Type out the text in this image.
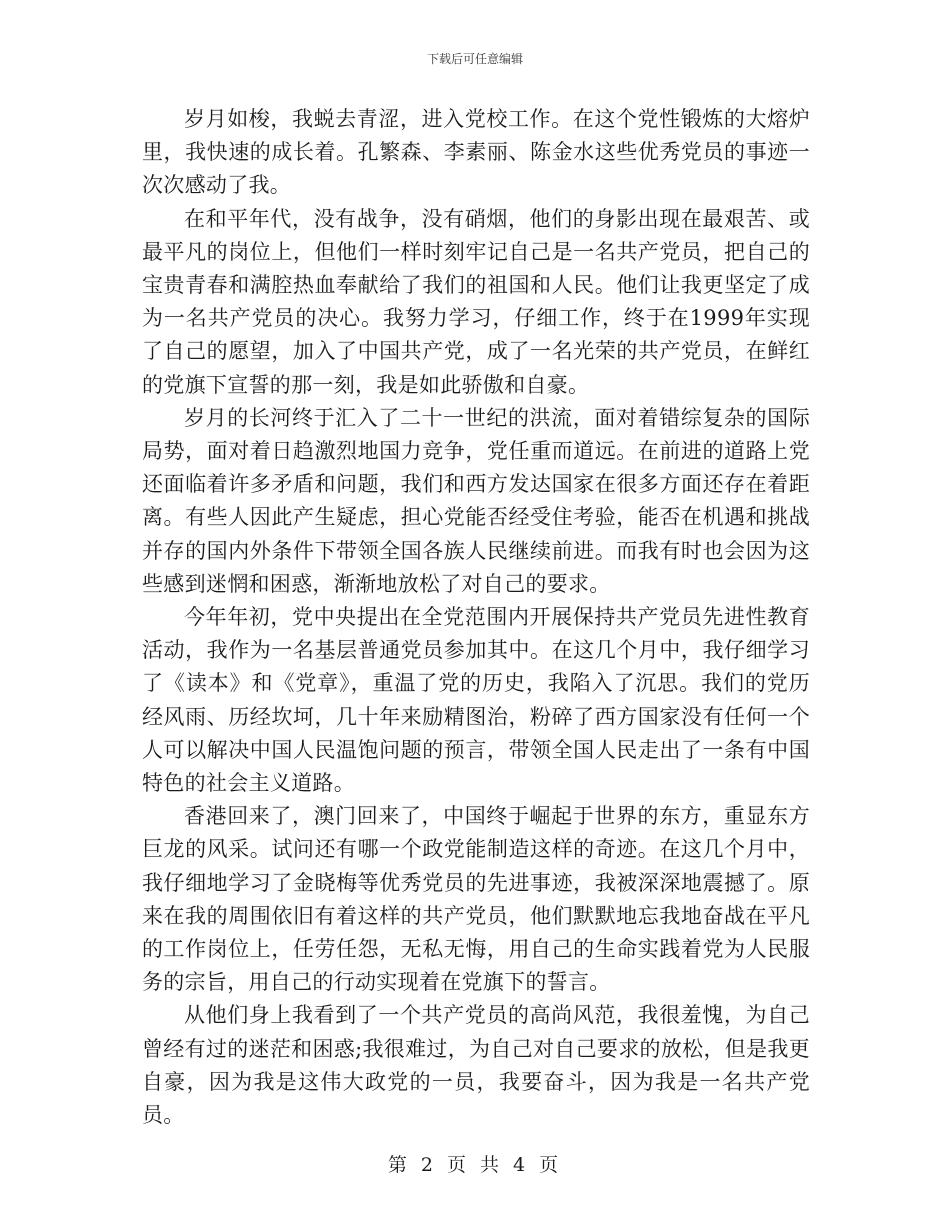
下载后可任意编辑

岁月如梭，我蜕去青涩，进入党校工作。在这个党性锻炼的大熔炉里，我快速的成长着。孔繁森、李素丽、陈金水这些优秀党员的事迹一次次感动了我。

在和平年代，没有战争，没有硝烟，他们的身影出现在最艰苦、或最平凡的岗位上，但他们一样时刻牢记自己是一名共产党员，把自己的宝贵青春和满腔热血奉献给了我们的祖国和人民。他们让我更坚定了成为一名共产党员的决心。我努力学习，仔细工作，终于在1999年实现了自己的愿望，加入了中国共产党，成了一名光荣的共产党员，在鲜红的党旗下宣誓的那一刻，我是如此骄傲和自豪。

岁月的长河终于汇入了二十一世纪的洪流，面对着错综复杂的国际局势，面对着日趋激烈地国力竞争，党任重而道远。在前进的道路上党还面临着许多矛盾和问题，我们和西方发达国家在很多方面还存在着距离。有些人因此产生疑虑，担心党能否经受住考验，能否在机遇和挑战并存的国内外条件下带领全国各族人民继续前进。而我有时也会因为这些感到迷惘和困惑，渐渐地放松了对自己的要求。

今年年初，党中央提出在全党范围内开展保持共产党员先进性教育活动，我作为一名基层普通党员参加其中。在这几个月中，我仔细学习了《读本》和《党章》，重温了党的历史，我陷入了沉思。我们的党历经风雨、历经坎坷，几十年来励精图治，粉碎了西方国家没有任何一个人可以解决中国人民温饱问题的预言，带领全国人民走出了一条有中国特色的社会主义道路。

香港回来了，澳门回来了，中国终于崛起于世界的东方，重显东方巨龙的风采。试问还有哪一个政党能制造这样的奇迹。在这几个月中，我仔细地学习了金晓梅等优秀党员的先进事迹，我被深深地震撼了。原来在我的周围依旧有着这样的共产党员，他们默默地忘我地奋战在平凡的工作岗位上，任劳任怨，无私无悔，用自己的生命实践着党为人民服务的宗旨，用自己的行动实现着在党旗下的誓言。

从他们身上我看到了一个共产党员的高尚风范，我很羞愧，为自己曾经有过的迷茫和困惑;我很难过，为自己对自己要求的放松，但是我更自豪，因为我是这伟大政党的一员，我要奋斗，因为我是一名共产党员。

第 2 页 共 4 页
